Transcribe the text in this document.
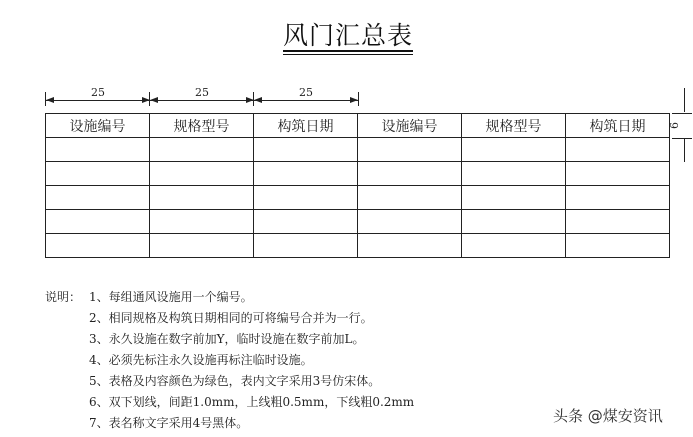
风门汇总表
25	25	25
6
设施编号	规格型号	构筑日期	设施编号	规格型号	构筑日期

说明： 1、每组通风设施用一个编号。
2、相同规格及构筑日期相同的可将编号合并为一行。
3、永久设施在数字前加Y，临时设施在数字前加L。
4、必须先标注永久设施再标注临时设施。
5、表格及内容颜色为绿色，表内文字采用3号仿宋体。
6、双下划线，间距1.0mm，上线粗0.5mm，下线粗0.2mm
7、表名称文字采用4号黑体。	头条 @煤安资讯
